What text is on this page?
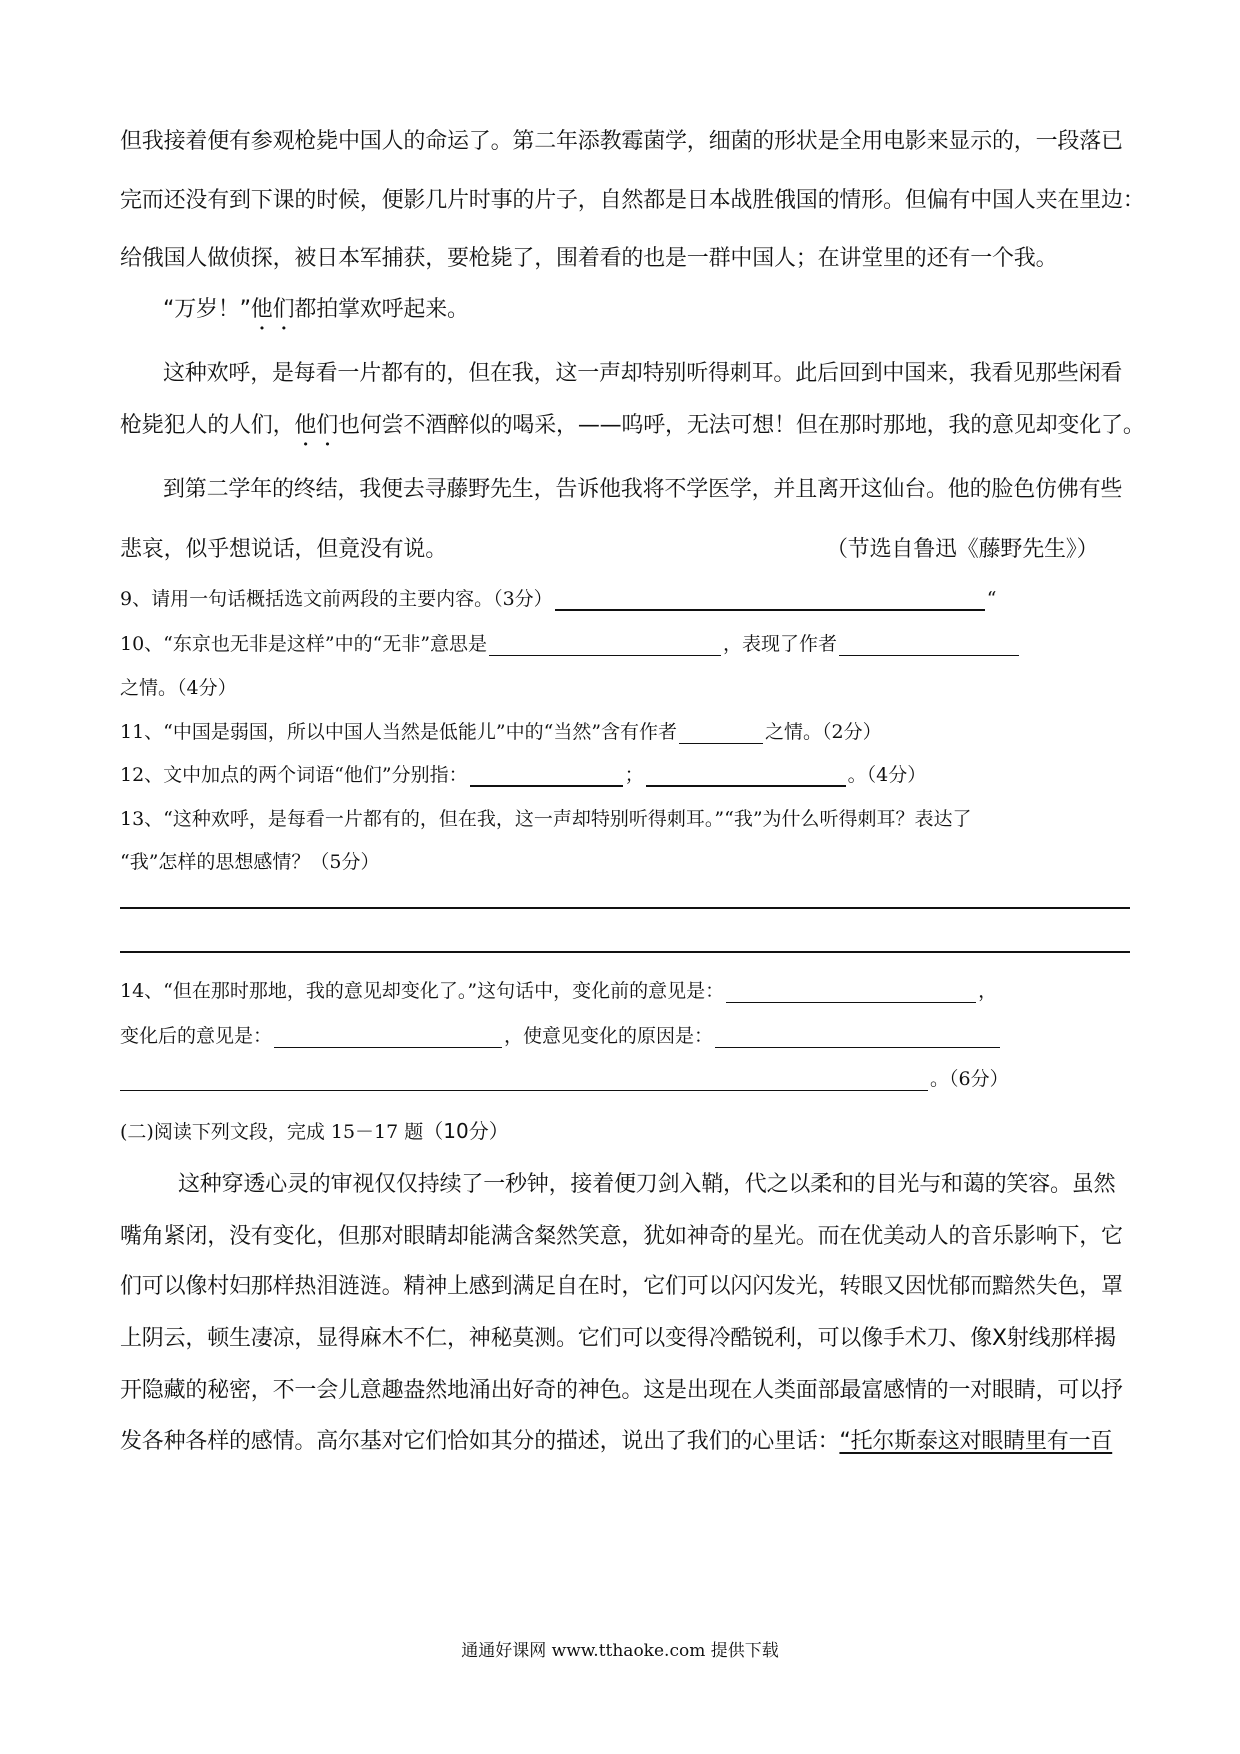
但我接着便有参观枪毙中国人的命运了。第二年添教霉菌学，细菌的形状是全用电影来显示的，一段落已
完而还没有到下课的时候，便影几片时事的片子，自然都是日本战胜俄国的情形。但偏有中国人夹在里边：
给俄国人做侦探，被日本军捕获，要枪毙了，围着看的也是一群中国人；在讲堂里的还有一个我。
“万岁！”他们都拍掌欢呼起来。
这种欢呼，是每看一片都有的，但在我，这一声却特别听得刺耳。此后回到中国来，我看见那些闲看
枪毙犯人的人们，他们也何尝不酒醉似的喝采，——呜呼，无法可想！但在那时那地，我的意见却变化了。
到第二学年的终结，我便去寻藤野先生，告诉他我将不学医学，并且离开这仙台。他的脸色仿佛有些
悲哀，似乎想说话，但竟没有说。	（节选自鲁迅《藤野先生》）
9、请用一句话概括选文前两段的主要内容。（3分）	“
10、“东京也无非是这样”中的“无非”意思是	，表现了作者
之情。（4分）
11、“中国是弱国，所以中国人当然是低能儿”中的“当然”含有作者	之情。（2分）
12、文中加点的两个词语“他们”分别指：	；	。（4分）
13、“这种欢呼，是每看一片都有的，但在我，这一声却特别听得刺耳。”“我”为什么听得刺耳？表达了
“我”怎样的思想感情？（5分）
14、“但在那时那地，我的意见却变化了。”这句话中，变化前的意见是：	，
变化后的意见是：	，使意见变化的原因是：
。（6分）
(二)阅读下列文段，完成 15－17 题（10分）
这种穿透心灵的审视仅仅持续了一秒钟，接着便刀剑入鞘，代之以柔和的目光与和蔼的笑容。虽然
嘴角紧闭，没有变化，但那对眼睛却能满含粲然笑意，犹如神奇的星光。而在优美动人的音乐影响下，它
们可以像村妇那样热泪涟涟。精神上感到满足自在时，它们可以闪闪发光，转眼又因忧郁而黯然失色，罩
上阴云，顿生凄凉，显得麻木不仁，神秘莫测。它们可以变得冷酷锐利，可以像手术刀、像X射线那样揭
开隐藏的秘密，不一会儿意趣盎然地涌出好奇的神色。这是出现在人类面部最富感情的一对眼睛，可以抒
发各种各样的感情。高尔基对它们恰如其分的描述，说出了我们的心里话：“托尔斯泰这对眼睛里有一百
通通好课网 www.tthaoke.com 提供下载
